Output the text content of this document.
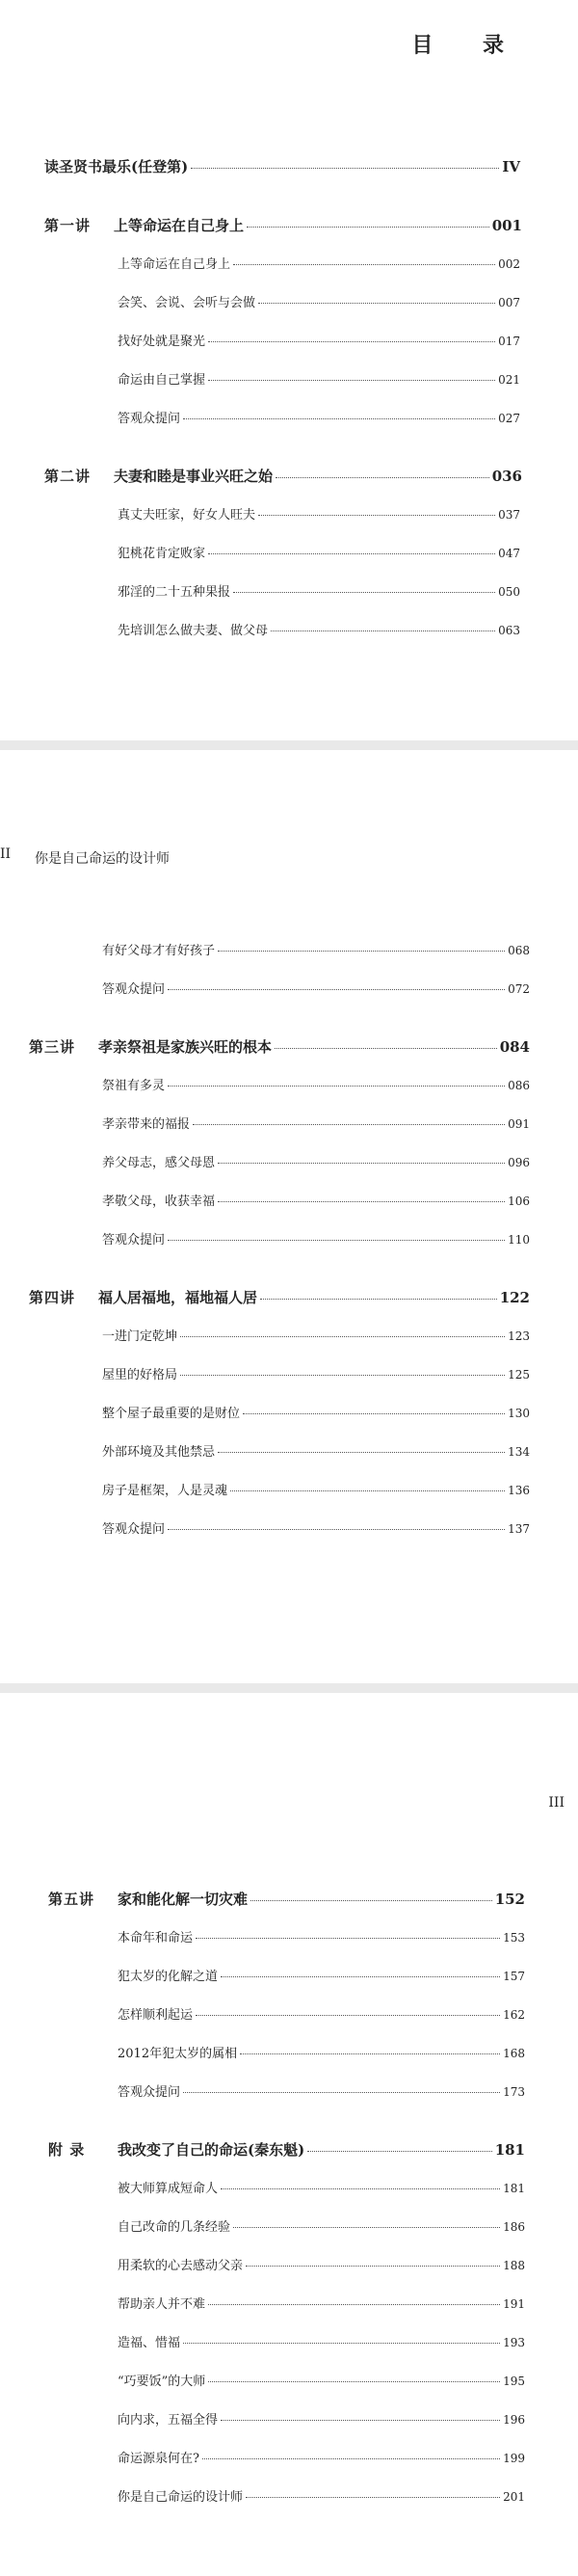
目 录
读圣贤书最乐(任登第)	IV
第一讲	上等命运在自己身上	001
上等命运在自己身上	002
会笑、会说、会听与会做	007
找好处就是聚光	017
命运由自己掌握	021
答观众提问	027
第二讲	夫妻和睦是事业兴旺之始	036
真丈夫旺家，好女人旺夫	037
犯桃花肯定败家	047
邪淫的二十五种果报	050
先培训怎么做夫妻、做父母	063
II 你是自己命运的设计师
有好父母才有好孩子	068
答观众提问	072
第三讲	孝亲祭祖是家族兴旺的根本	084
祭祖有多灵	086
孝亲带来的福报	091
养父母志，感父母恩	096
孝敬父母，收获幸福	106
答观众提问	110
第四讲	福人居福地，福地福人居	122
一进门定乾坤	123
屋里的好格局	125
整个屋子最重要的是财位	130
外部环境及其他禁忌	134
房子是框架，人是灵魂	136
答观众提问	137
III
第五讲	家和能化解一切灾难	152
本命年和命运	153
犯太岁的化解之道	157
怎样顺利起运	162
2012年犯太岁的属相	168
答观众提问	173
附 录	我改变了自己的命运(秦东魁)	181
被大师算成短命人	181
自己改命的几条经验	186
用柔软的心去感动父亲	188
帮助亲人并不难	191
造福、惜福	193
“巧要饭”的大师	195
向内求，五福全得	196
命运源泉何在?	199
你是自己命运的设计师	201
